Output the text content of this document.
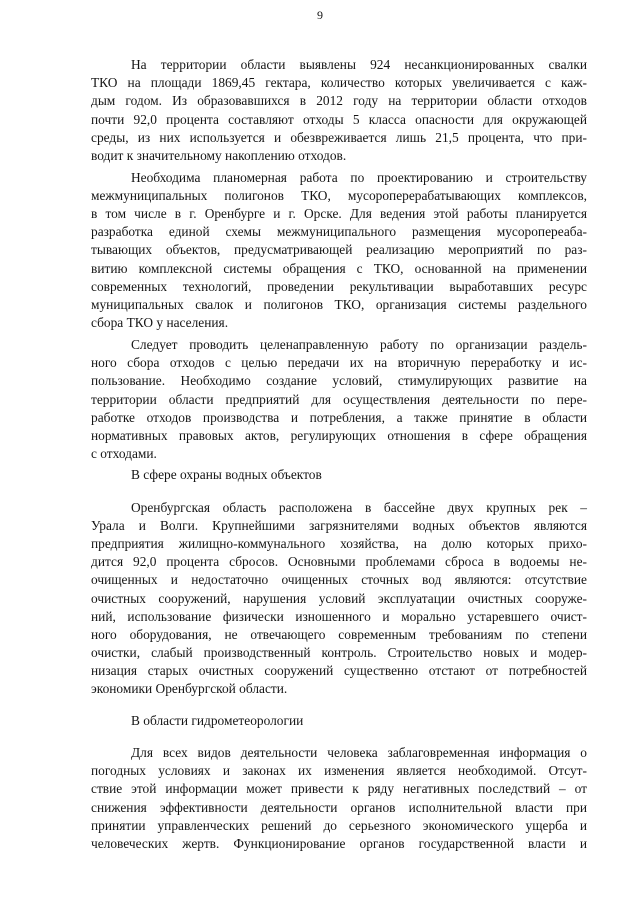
9
На территории области выявлены 924 несанкционированных свалки
ТКО на площади 1869,45 гектара, количество которых увеличивается с каж-
дым годом. Из образовавшихся в 2012 году на территории области отходов
почти 92,0 процента составляют отходы 5 класса опасности для окружающей
среды, из них используется и обезвреживается лишь 21,5 процента, что при-
водит к значительному накоплению отходов.
Необходима планомерная работа по проектированию и строительству
межмуниципальных полигонов ТКО, мусороперерабатывающих комплексов,
в том числе в г. Оренбурге и г. Орске. Для ведения этой работы планируется
разработка единой схемы межмуниципального размещения мусоропереаба-
тывающих объектов, предусматривающей реализацию мероприятий по раз-
витию комплексной системы обращения с ТКО, основанной на применении
современных технологий, проведении рекультивации выработавших ресурс
муниципальных свалок и полигонов ТКО, организация системы раздельного
сбора ТКО у населения.
Следует проводить целенаправленную работу по организации раздель-
ного сбора отходов с целью передачи их на вторичную переработку и ис-
пользование. Необходимо создание условий, стимулирующих развитие на
территории области предприятий для осуществления деятельности по пере-
работке отходов производства и потребления, а также принятие в области
нормативных правовых актов, регулирующих отношения в сфере обращения
с отходами.
В сфере охраны водных объектов
Оренбургская область расположена в бассейне двух крупных рек –
Урала и Волги. Крупнейшими загрязнителями водных объектов являются
предприятия жилищно-коммунального хозяйства, на долю которых прихо-
дится 92,0 процента сбросов. Основными проблемами сброса в водоемы не-
очищенных и недостаточно очищенных сточных вод являются: отсутствие
очистных сооружений, нарушения условий эксплуатации очистных сооруже-
ний, использование физически изношенного и морально устаревшего очист-
ного оборудования, не отвечающего современным требованиям по степени
очистки, слабый производственный контроль. Строительство новых и модер-
низация старых очистных сооружений существенно отстают от потребностей
экономики Оренбургской области.
В области гидрометеорологии
Для всех видов деятельности человека заблаговременная информация о
погодных условиях и законах их изменения является необходимой. Отсут-
ствие этой информации может привести к ряду негативных последствий – от
снижения эффективности деятельности органов исполнительной власти при
принятии управленческих решений до серьезного экономического ущерба и
человеческих жертв. Функционирование органов государственной власти и
